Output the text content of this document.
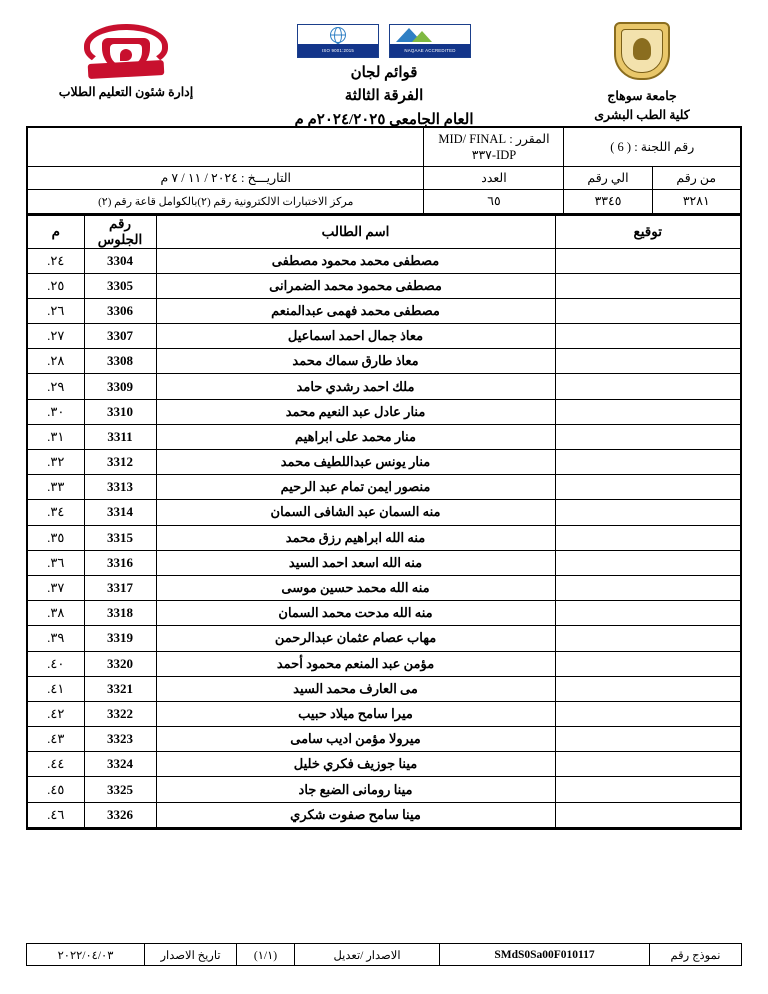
جامعة سوهاج
كلية الطب البشرى
NAQAAE ACCREDITED
ISO 9001:2015
قوائم لجان
الفرقة الثالثة
العام الجامعى ٢٠٢٤/٢٠٢٥م م
إدارة شئون التعليم الطلاب
رقم اللجنة : ( 6 )		المقرر : MID/ FINAL IDP-٣٣٧	
من رقم	الي رقم	العدد	التاريـــخ : ٢٠٢٤ / ١١ / ٧ م
٣٢٨١	٣٣٤٥	٦٥	مركز الاختبارات الالكترونية رقم (٢)بالكوامل قاعة رقم (٢)
توقيع	اسم الطالب	رقم الجلوس	م
	مصطفى محمد محمود مصطفى	3304	٢٤.
	مصطفى محمود محمد الضمرانى	3305	٢٥.
	مصطفى محمد فهمى عبدالمنعم	3306	٢٦.
	معاذ جمال احمد اسماعيل	3307	٢٧.
	معاذ طارق سماك محمد	3308	٢٨.
	ملك احمد رشدي حامد	3309	٢٩.
	منار عادل عبد النعيم محمد	3310	٣٠.
	منار محمد على ابراهيم	3311	٣١.
	منار يونس عبداللطيف محمد	3312	٣٢.
	منصور ايمن تمام عبد الرحيم	3313	٣٣.
	منه السمان عبد الشافى السمان	3314	٣٤.
	منه الله ابراهيم رزق محمد	3315	٣٥.
	منه الله اسعد احمد السيد	3316	٣٦.
	منه الله محمد حسين موسى	3317	٣٧.
	منه الله مدحت محمد السمان	3318	٣٨.
	مهاب عصام عثمان عبدالرحمن	3319	٣٩.
	مؤمن عبد المنعم محمود أحمد	3320	٤٠.
	مى العارف محمد السيد	3321	٤١.
	ميرا سامح ميلاد حبيب	3322	٤٢.
	ميرولا مؤمن اديب سامى	3323	٤٣.
	مينا جوزيف فكري خليل	3324	٤٤.
	مينا رومانى الضبع جاد	3325	٤٥.
	مينا سامح صفوت شكري	3326	٤٦.
نموذج رقم	SMdS0Sa00F010117	الاصدار /تعديل	(١/١)	تاريخ الاصدار	٢٠٢٢/٠٤/٠٣
